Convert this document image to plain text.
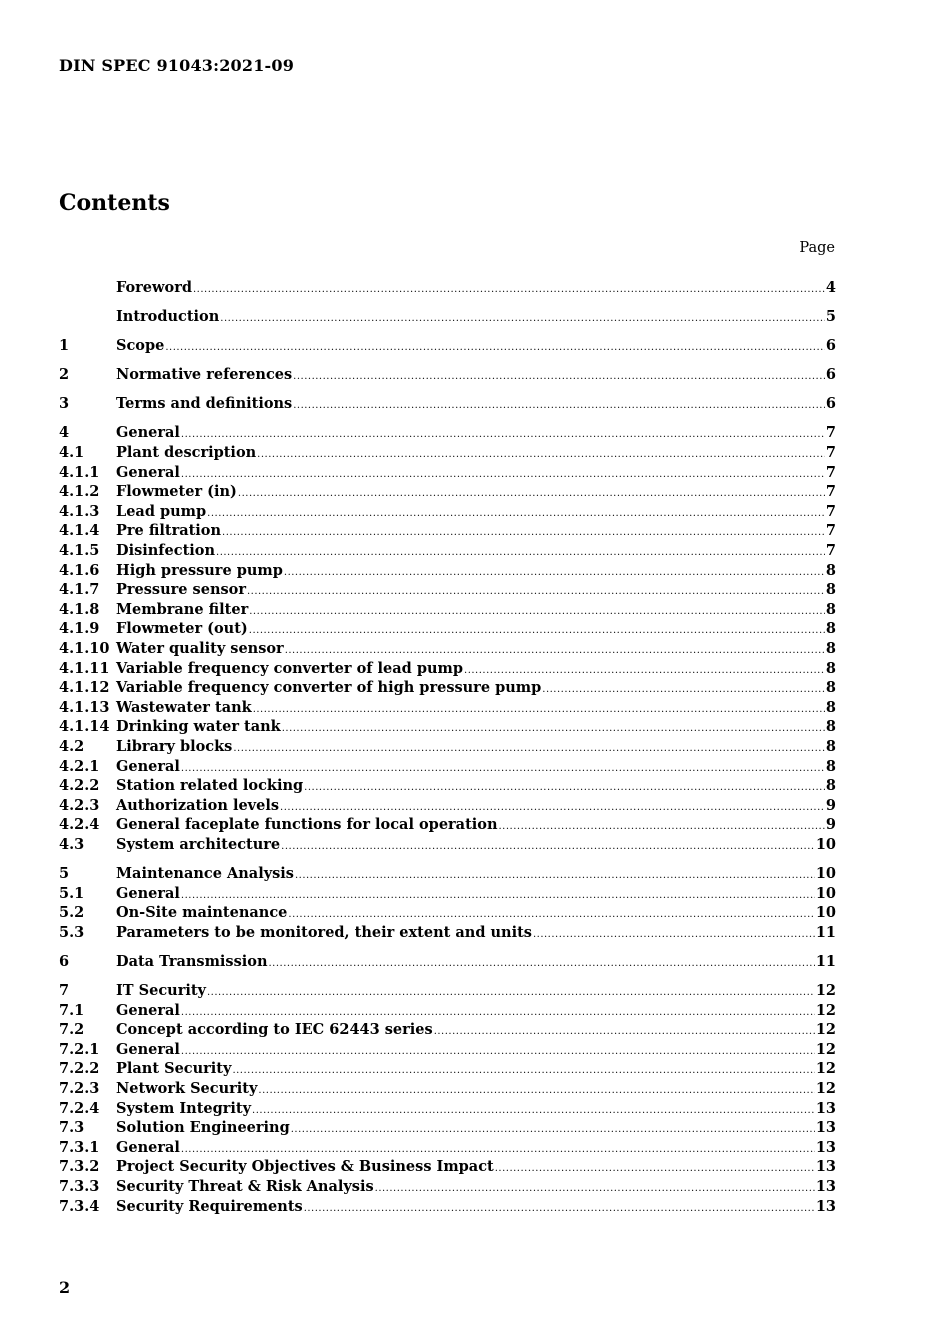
DIN SPEC 91043:2021-09
Contents
Page
Foreword .....	4
Introduction .....	5
1	Scope .....	6
2	Normative references .....	6
3	Terms and definitions .....	6
4	General .....	7
4.1	Plant description .....	7
4.1.1	General .....	7
4.1.2	Flowmeter (in) .....	7
4.1.3	Lead pump .....	7
4.1.4	Pre filtration .....	7
4.1.5	Disinfection .....	7
4.1.6	High pressure pump .....	8
4.1.7	Pressure sensor .....	8
4.1.8	Membrane filter .....	8
4.1.9	Flowmeter (out) .....	8
4.1.10 Water quality sensor .....	8
4.1.11 Variable frequency converter of lead pump .....	8
4.1.12 Variable frequency converter of high pressure pump .....	8
4.1.13 Wastewater tank .....	8
4.1.14 Drinking water tank .....	8
4.2	Library blocks .....	8
4.2.1	General .....	8
4.2.2	Station related locking .....	8
4.2.3	Authorization levels .....	9
4.2.4	General faceplate functions for local operation .....	9
4.3	System architecture .....	10
5	Maintenance Analysis .....	10
5.1	General .....	10
5.2	On-Site maintenance .....	10
5.3	Parameters to be monitored, their extent and units .....	11
6	Data Transmission .....	11
7	IT Security .....	12
7.1	General .....	12
7.2	Concept according to IEC 62443 series .....	12
7.2.1	General .....	12
7.2.2	Plant Security .....	12
7.2.3	Network Security .....	12
7.2.4	System Integrity .....	13
7.3	Solution Engineering .....	13
7.3.1	General .....	13
7.3.2	Project Security Objectives & Business Impact .....	13
7.3.3	Security Threat & Risk Analysis .....	13
7.3.4	Security Requirements .....	13
2
